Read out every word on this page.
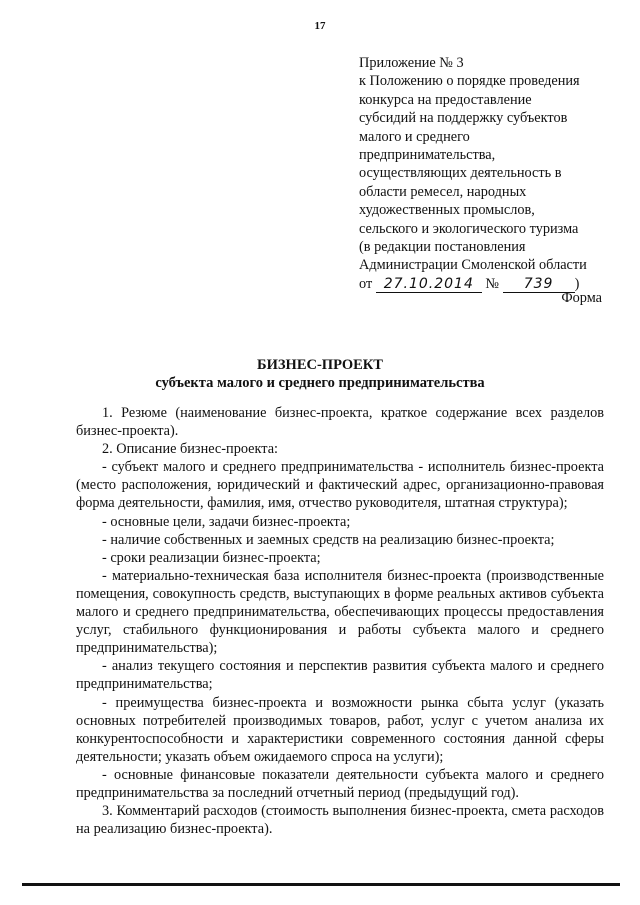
17
Приложение № 3
к Положению о порядке проведения
конкурса на предоставление
субсидий на поддержку субъектов
малого и среднего
предпринимательства,
осуществляющих деятельность в
области ремесел, народных
художественных промыслов,
сельского и экологического туризма
(в редакции постановления
Администрации Смоленской области
от 27.10.2014 № 739 )
Форма
БИЗНЕС-ПРОЕКТ
субъекта малого и среднего предпринимательства

1. Резюме (наименование бизнес-проекта, краткое содержание всех разделов бизнес-проекта).

2. Описание бизнес-проекта:

- субъект малого и среднего предпринимательства - исполнитель бизнес-проекта (место расположения, юридический и фактический адрес, организационно-правовая форма деятельности, фамилия, имя, отчество руководителя, штатная структура);

- основные цели, задачи бизнес-проекта;

- наличие собственных и заемных средств на реализацию бизнес-проекта;

- сроки реализации бизнес-проекта;

- материально-техническая база исполнителя бизнес-проекта (производственные помещения, совокупность средств, выступающих в форме реальных активов субъекта малого и среднего предпринимательства, обеспечивающих процессы предоставления услуг, стабильного функционирования и работы субъекта малого и среднего предпринимательства);

- анализ текущего состояния и перспектив развития субъекта малого и среднего предпринимательства;

- преимущества бизнес-проекта и возможности рынка сбыта услуг (указать основных потребителей производимых товаров, работ, услуг с учетом анализа их конкурентоспособности и характеристики современного состояния данной сферы деятельности; указать объем ожидаемого спроса на услуги);

- основные финансовые показатели деятельности субъекта малого и среднего предпринимательства за последний отчетный период (предыдущий год).

3. Комментарий расходов (стоимость выполнения бизнес-проекта, смета расходов на реализацию бизнес-проекта).
